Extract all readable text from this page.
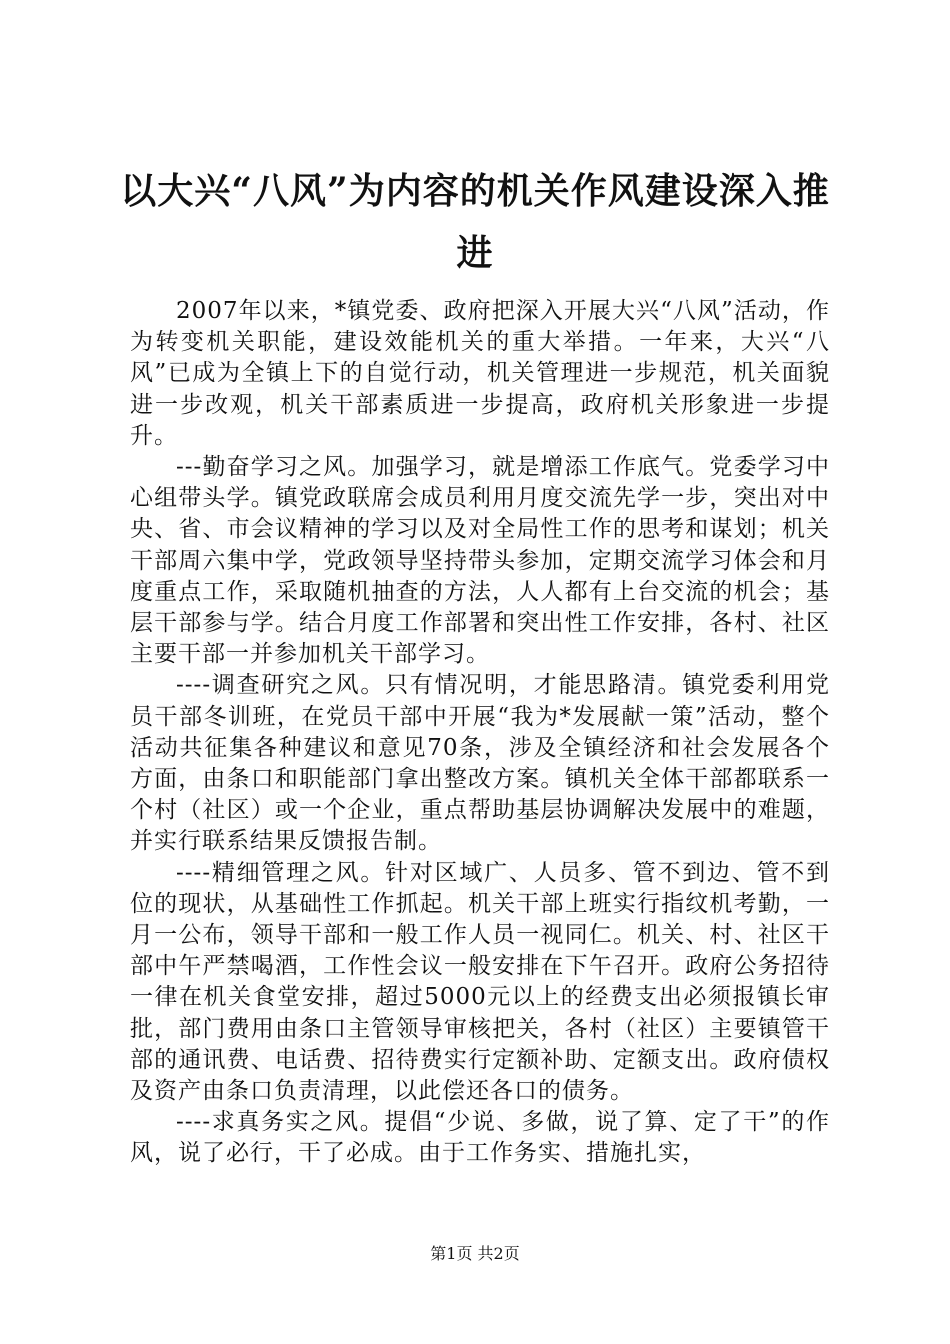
以大兴“八风”为内容的机关作风建设深入推进

2007年以来，*镇党委、政府把深入开展大兴“八风”活动，作为转变机关职能，建设效能机关的重大举措。一年来，大兴“八风”已成为全镇上下的自觉行动，机关管理进一步规范，机关面貌进一步改观，机关干部素质进一步提高，政府机关形象进一步提升。

---勤奋学习之风。加强学习，就是增添工作底气。党委学习中心组带头学。镇党政联席会成员利用月度交流先学一步，突出对中央、省、市会议精神的学习以及对全局性工作的思考和谋划；机关干部周六集中学，党政领导坚持带头参加，定期交流学习体会和月度重点工作，采取随机抽查的方法，人人都有上台交流的机会；基层干部参与学。结合月度工作部署和突出性工作安排，各村、社区主要干部一并参加机关干部学习。

----调查研究之风。只有情况明，才能思路清。镇党委利用党员干部冬训班，在党员干部中开展“我为*发展献一策”活动，整个活动共征集各种建议和意见70条，涉及全镇经济和社会发展各个方面，由条口和职能部门拿出整改方案。镇机关全体干部都联系一个村（社区）或一个企业，重点帮助基层协调解决发展中的难题，并实行联系结果反馈报告制。

----精细管理之风。针对区域广、人员多、管不到边、管不到位的现状，从基础性工作抓起。机关干部上班实行指纹机考勤，一月一公布，领导干部和一般工作人员一视同仁。机关、村、社区干部中午严禁喝酒，工作性会议一般安排在下午召开。政府公务招待一律在机关食堂安排，超过5000元以上的经费支出必须报镇长审批，部门费用由条口主管领导审核把关，各村（社区）主要镇管干部的通讯费、电话费、招待费实行定额补助、定额支出。政府债权及资产由条口负责清理，以此偿还各口的债务。

----求真务实之风。提倡“少说、多做，说了算、定了干”的作风，说了必行，干了必成。由于工作务实、措施扎实，

第1页 共2页
